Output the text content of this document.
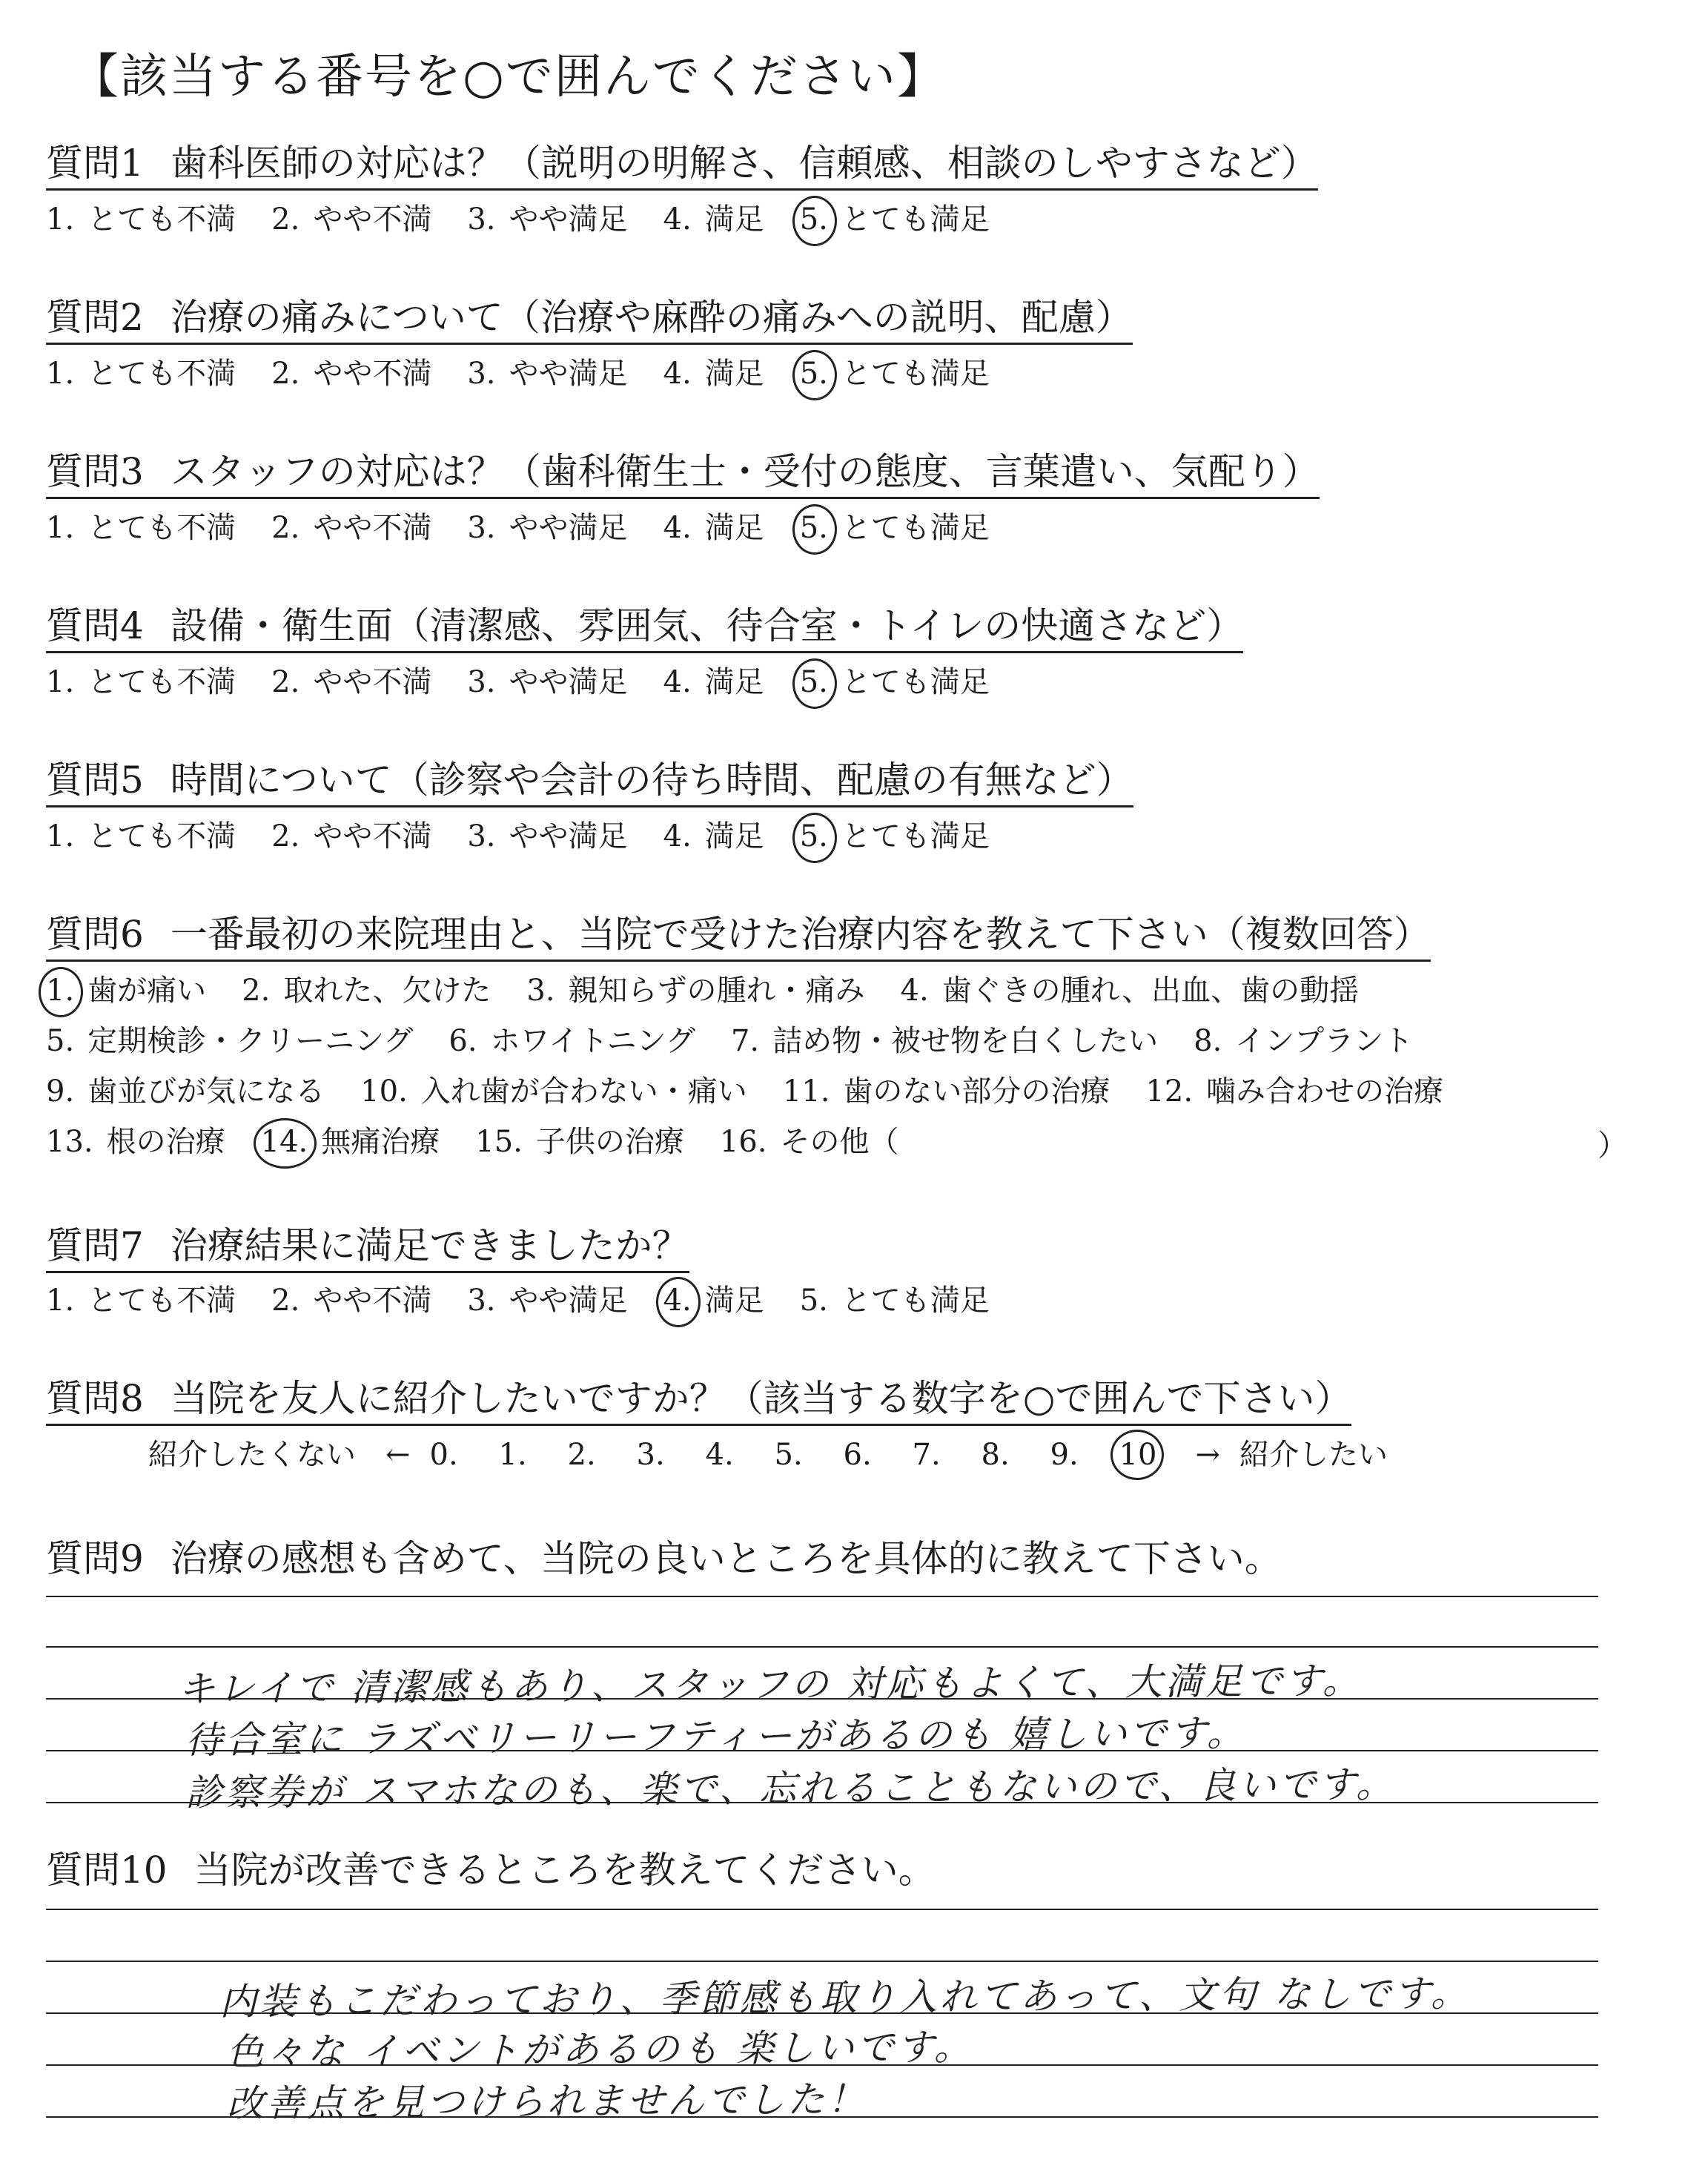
【該当する番号を○で囲んでください】
質問1 歯科医師の対応は？（説明の明解さ、信頼感、相談のしやすさなど）
1. とても不満 2. やや不満 3. やや満足 4. 満足 5. とても満足
質問2 治療の痛みについて（治療や麻酔の痛みへの説明、配慮）
1. とても不満 2. やや不満 3. やや満足 4. 満足 5. とても満足
質問3 スタッフの対応は？（歯科衛生士・受付の態度、言葉遣い、気配り）
1. とても不満 2. やや不満 3. やや満足 4. 満足 5. とても満足
質問4 設備・衛生面（清潔感、雰囲気、待合室・トイレの快適さなど）
1. とても不満 2. やや不満 3. やや満足 4. 満足 5. とても満足
質問5 時間について（診察や会計の待ち時間、配慮の有無など）
1. とても不満 2. やや不満 3. やや満足 4. 満足 5. とても満足
質問6 一番最初の来院理由と、当院で受けた治療内容を教えて下さい（複数回答）
1. 歯が痛い 2. 取れた、欠けた 3. 親知らずの腫れ・痛み 4. 歯ぐきの腫れ、出血、歯の動揺
5. 定期検診・クリーニング 6. ホワイトニング 7. 詰め物・被せ物を白くしたい 8. インプラント
9. 歯並びが気になる 10. 入れ歯が合わない・痛い 11. 歯のない部分の治療 12. 噛み合わせの治療
13. 根の治療 14. 無痛治療 15. 子供の治療 16. その他（	）
質問7 治療結果に満足できましたか？
1. とても不満 2. やや不満 3. やや満足 4. 満足 5. とても満足
質問8 当院を友人に紹介したいですか？（該当する数字を○で囲んで下さい）
紹介したくない ← 0. 1. 2. 3. 4. 5. 6. 7. 8. 9. 10 → 紹介したい
質問9 治療の感想も含めて、当院の良いところを具体的に教えて下さい。
キレイで 清潔感もあり、スタッフの 対応もよくて、大満足です。
待合室に ラズベリーリーフティーがあるのも 嬉しいです。
診察券が スマホなのも、楽で、忘れることもないので、良いです。
質問10 当院が改善できるところを教えてください。
内装もこだわっており、季節感も取り入れてあって、文句 なしです。
色々な イベントがあるのも 楽しいです。
改善点を見つけられませんでした！
